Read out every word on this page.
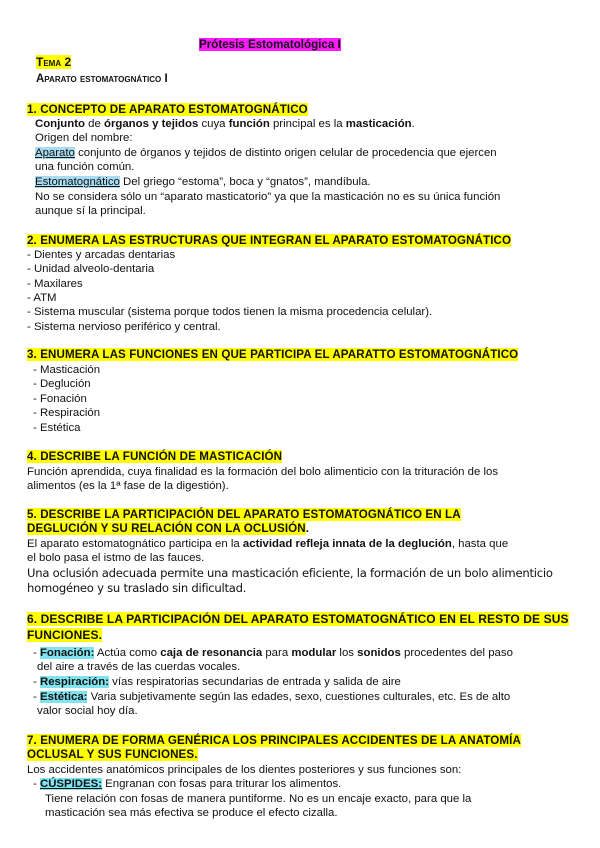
Prótesis Estomatológica I
Tema 2
Aparato estomatognático I
1. CONCEPTO DE APARATO ESTOMATOGNÁTICO
Conjunto de órganos y tejidos cuya función principal es la masticación.
Origen del nombre:
Aparato conjunto de órganos y tejidos de distinto origen celular de procedencia que ejercen
una función común.
Estomatognático Del griego “estoma”, boca y “gnatos”, mandíbula.
No se considera sólo un “aparato masticatorio” ya que la masticación no es su única función
aunque sí la principal.
2. ENUMERA LAS ESTRUCTURAS QUE INTEGRAN EL APARATO ESTOMATOGNÁTICO
- Dientes y arcadas dentarias
- Unidad alveolo-dentaria
- Maxilares
- ATM
- Sistema muscular (sistema porque todos tienen la misma procedencia celular).
- Sistema nervioso periférico y central.
3. ENUMERA LAS FUNCIONES EN QUE PARTICIPA EL APARATTO ESTOMATOGNÁTICO
- Masticación
- Deglución
- Fonación
- Respiración
- Estética
4. DESCRIBE LA FUNCIÓN DE MASTICACIÓN
Función aprendida, cuya finalidad es la formación del bolo alimenticio con la trituración de los
alimentos (es la 1ª fase de la digestión).
5. DESCRIBE LA PARTICIPACIÓN DEL APARATO ESTOMATOGNÁTICO EN LA
DEGLUCIÓN Y SU RELACIÓN CON LA OCLUSIÓN.
El aparato estomatognático participa en la actividad refleja innata de la deglución, hasta que
el bolo pasa el istmo de las fauces.
Una oclusión adecuada permite una masticación eficiente, la formación de un bolo alimenticio
homogéneo y su traslado sin dificultad.
6. DESCRIBE LA PARTICIPACIÓN DEL APARATO ESTOMATOGNÁTICO EN EL RESTO DE SUS
FUNCIONES.
- Fonación: Actúa como caja de resonancia para modular los sonidos procedentes del paso
del aire a través de las cuerdas vocales.
- Respiración: vías respiratorias secundarias de entrada y salida de aire
- Estética: Varia subjetivamente según las edades, sexo, cuestiones culturales, etc. Es de alto
valor social hoy día.
7. ENUMERA DE FORMA GENÉRICA LOS PRINCIPALES ACCIDENTES DE LA ANATOMÍA
OCLUSAL Y SUS FUNCIONES.
Los accidentes anatómicos principales de los dientes posteriores y sus funciones son:
- CÚSPIDES: Engranan con fosas para triturar los alimentos.
Tiene relación con fosas de manera puntiforme. No es un encaje exacto, para que la
masticación sea más efectiva se produce el efecto cizalla.
